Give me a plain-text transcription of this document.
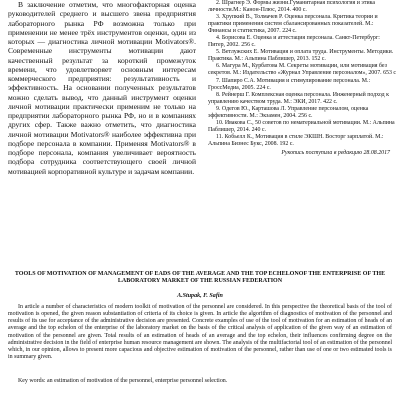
В заключение отметим, что многофакторная оценка руководителей среднего и высшего звена предприятия лабораторного рынка РФ возможна только при применении не менее трёх инструментов оценки, один из которых — диагностика личной мотивации Motivators®. Современные инструменты мотивации дают качественный результат за короткий промежуток времени, что удовлетворяет основным интересам коммерческого предприятия: результативность и эффективность. На основании полученных результатов можно сделать вывод, что данный инструмент оценки личной мотивации практически применим не только на предприятии лабораторного рынка РФ, но и в компаниях других сфер. Также важно отметить, что диагностика личной мотивации Motivators® наиболее эффективна при подборе персонала в компании. Применяя Motivators® в подборе персонала, компания увеличивает вероятность подбора сотрудника соответствующего своей личной мотивацией корпоративной культуре и задачам компании.

2. Шрагнер Э. Формы жизни.Гуманитарная психология и этика личности.М.: Канон-Плюс, 2014. 400 с.

3. Хрупкий В., Толмачев Р. Оценка персонала. Критика теории и практики применения систем сбалансированных показателей. М.: Финансы и статистика, 2007. 224 с.

4. Борисова Е. Оценка и аттестация персонала. Санкт-Петербург: Питер, 2002. 256 с.

5. Ветлужских Е. Мотивация и оплата труда. Инструменты. Методики. Практика. М.: Альпина Паблишер, 2013. 152 с.

6. Магура М., Курбатова М. Секреты мотивации, или мотивация без секретов. М.: Издательство «Журнал Управление персоналом», 2007. 653 с

7. Шапиро С.А. Мотивация и стимулирование персонала. М.: ГроссМедиа, 2005. 224 с.

8. Рейнерш Г. Комплексная оценка персонала. Инженерный подход к управлению качеством труда. М.: ЭКИ, 2017. 422 с.

9. Одегов Ю., Карташова Л. Управление персоналом, оценка эффективности. М.: Экзамен, 2004. 256 с.

10. Ивакова С., 50 советов по нематериальной мотивации. М.: Альпина Паблишер, 2014. 240 с.

11. Кобьелл К., Мотивация в стиле ЭКШН. Восторг зарплатой. М.: Альпина Бизнес Букс, 2008. 192 с.

Рукопись поступила в редакцию 28.08.2017

TOOLS OF MOTIVATION OF MANAGEMENT OF EADS OF THE AVERAGE AND THE TOP ECHELONOF THE ENTERPRISE OF THE LABORATORY MARKET OF THE RUSSIAN FEDERATION

A.Stupak, F. Safin

In article a number of characteristics of modern toolkit of motivation of the personnel are considered. In this perspective the theoretical basis of the tool of motivation is opened, the given reason substantiation of criteria of its choice is given. In article the algorithm of diagnostics of motivation of the personnel and results of its use for acceptance of the administrative decision are presented. Concrete examples of use of the tool of motivation for an estimation of heads of an average and the top echelon of the enterprise of the laboratory market on the basis of the critical analysis of application of the given way of an estimation of motivation of the personnel are given. Total results of an estimation of heads of an average and the top echelon, their influences confirming degree on the administrative decision in the field of enterprise human resource management are shown. The analysis of the multifactorial tool of an estimation of the personnel which, in our opinion, allows to present more capacious and objective estimation of motivation of the personnel, rather than use of one or two estimated tools is in summary given.

Key words: an estimation of motivation of the personnel, enterprise personnel selection.
